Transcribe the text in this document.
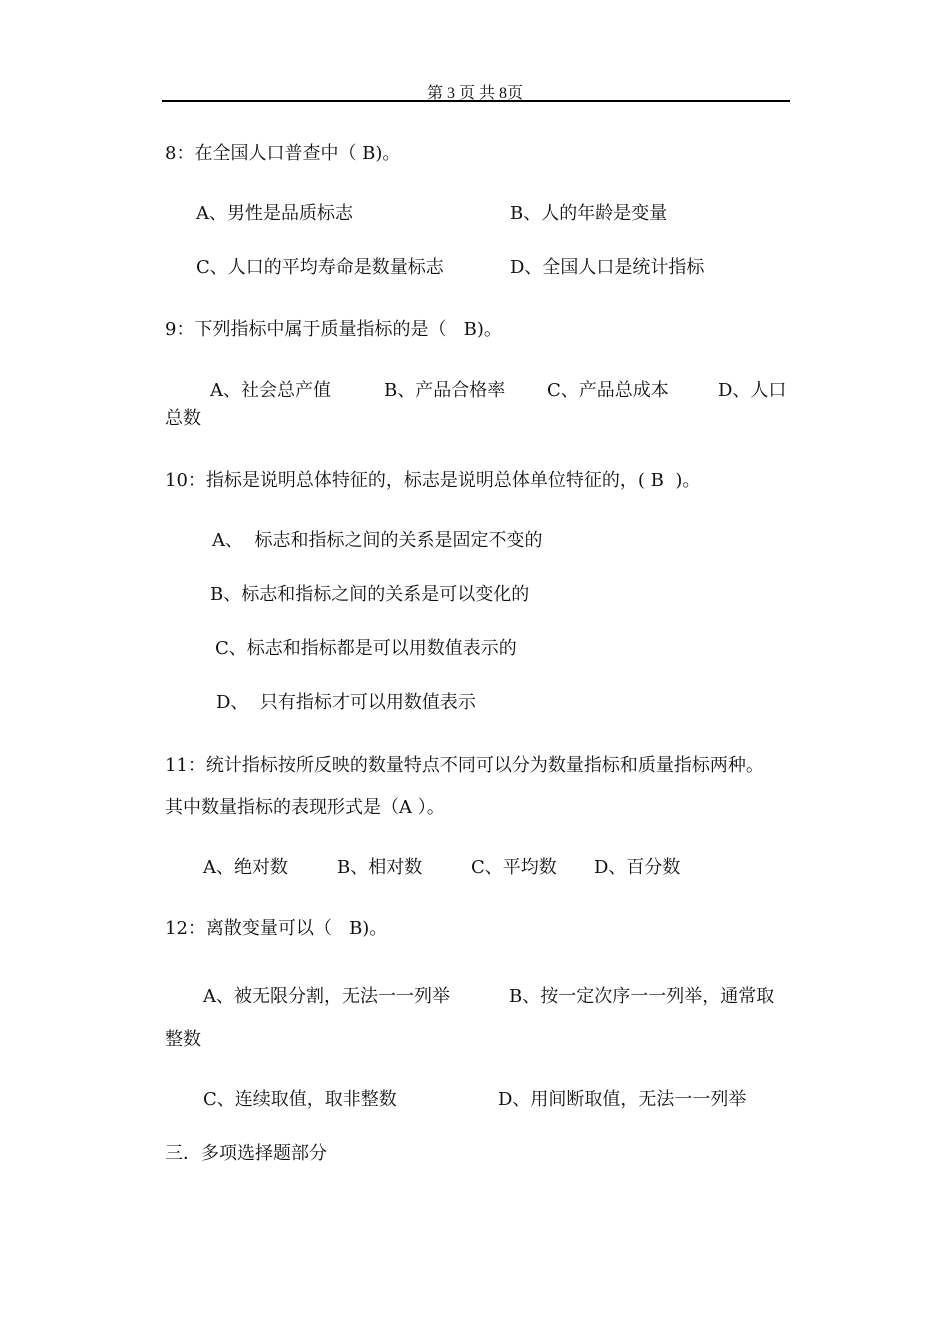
第 3 页 共 8页
8：在全国人口普查中（ B)。
A、男性是品质标志	B、人的年龄是变量
C、人口的平均寿命是数量标志	D、全国人口是统计指标
9：下列指标中属于质量指标的是（   B)。
A、社会总产值	B、产品合格率 C、产品总成本	D、人口
总数
10：指标是说明总体特征的，标志是说明总体单位特征的，( B  )。
A、  标志和指标之间的关系是固定不变的
B、标志和指标之间的关系是可以变化的
C、标志和指标都是可以用数值表示的
D、  只有指标才可以用数值表示
11：统计指标按所反映的数量特点不同可以分为数量指标和质量指标两种。
其中数量指标的表现形式是（A ）。
A、绝对数	B、相对数	C、平均数 D、百分数
12：离散变量可以（   B)。
A、被无限分割，无法一一列举	B、按一定次序一一列举，通常取
整数
C、连续取值，取非整数	D、用间断取值，无法一一列举
三．多项选择题部分
